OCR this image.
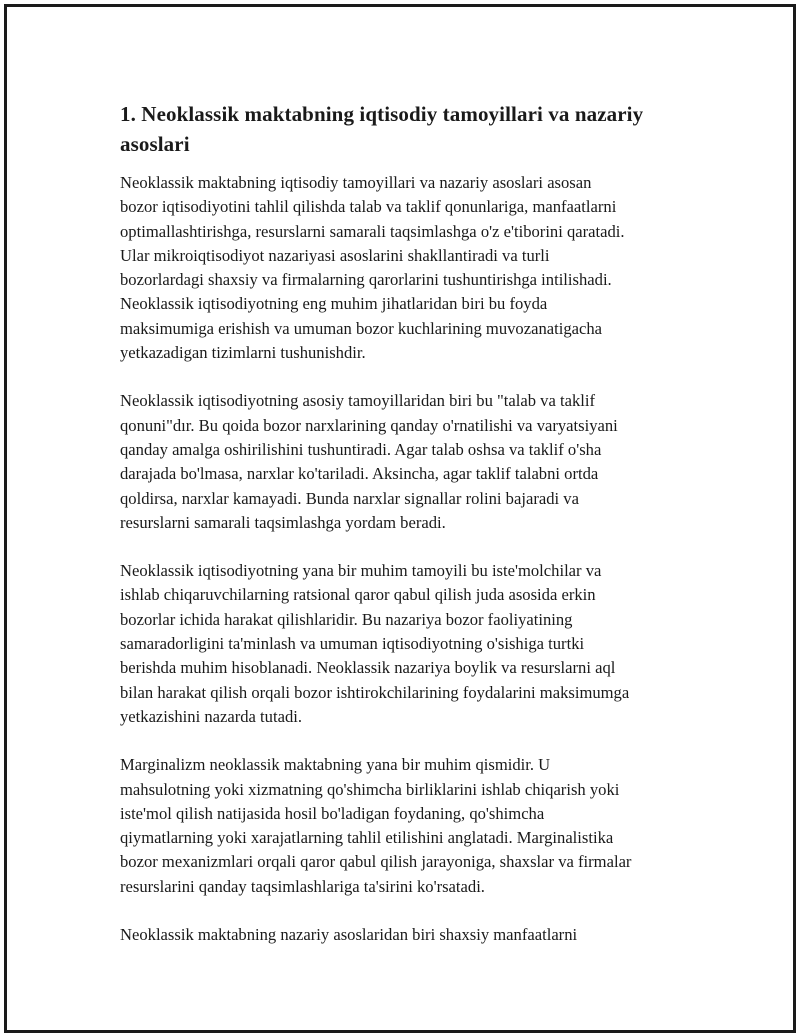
1. Neoklassik maktabning iqtisodiy tamoyillari va nazariy
asoslari

Neoklassik maktabning iqtisodiy tamoyillari va nazariy asoslari asosan
bozor iqtisodiyotini tahlil qilishda talab va taklif qonunlariga, manfaatlarni
optimallashtirishga, resurslarni samarali taqsimlashga o'z e'tiborini qaratadi.
Ular mikroiqtisodiyot nazariyasi asoslarini shakllantiradi va turli
bozorlardagi shaxsiy va firmalarning qarorlarini tushuntirishga intilishadi.
Neoklassik iqtisodiyotning eng muhim jihatlaridan biri bu foyda
maksimumiga erishish va umuman bozor kuchlarining muvozanatigacha
yetkazadigan tizimlarni tushunishdir.

Neoklassik iqtisodiyotning asosiy tamoyillaridan biri bu "talab va taklif
qonuni"dır. Bu qoida bozor narxlarining qanday o'rnatilishi va varyatsiyani
qanday amalga oshirilishini tushuntiradi. Agar talab oshsa va taklif o'sha
darajada bo'lmasa, narxlar ko'tariladi. Aksincha, agar taklif talabni ortda
qoldirsa, narxlar kamayadi. Bunda narxlar signallar rolini bajaradi va
resurslarni samarali taqsimlashga yordam beradi.

Neoklassik iqtisodiyotning yana bir muhim tamoyili bu iste'molchilar va
ishlab chiqaruvchilarning ratsional qaror qabul qilish juda asosida erkin
bozorlar ichida harakat qilishlaridir. Bu nazariya bozor faoliyatining
samaradorligini ta'minlash va umuman iqtisodiyotning o'sishiga turtki
berishda muhim hisoblanadi. Neoklassik nazariya boylik va resurslarni aql
bilan harakat qilish orqali bozor ishtirokchilarining foydalarini maksimumga
yetkazishini nazarda tutadi.

Marginalizm neoklassik maktabning yana bir muhim qismidir. U
mahsulotning yoki xizmatning qo'shimcha birliklarini ishlab chiqarish yoki
iste'mol qilish natijasida hosil bo'ladigan foydaning, qo'shimcha
qiymatlarning yoki xarajatlarning tahlil etilishini anglatadi. Marginalistika
bozor mexanizmlari orqali qaror qabul qilish jarayoniga, shaxslar va firmalar
resurslarini qanday taqsimlashlariga ta'sirini ko'rsatadi.

Neoklassik maktabning nazariy asoslaridan biri shaxsiy manfaatlarni
